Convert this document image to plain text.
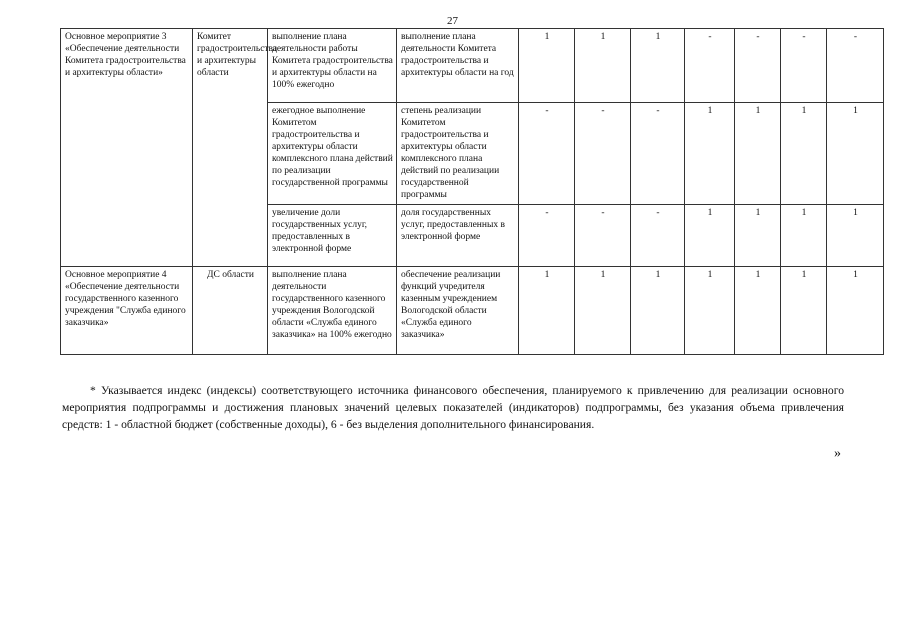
27
Основное мероприятие 3 «Обеспечение деятельности Комитета градостроительства и архитектуры области»	Комитет градостроительства и архитектуры области	выполнение плана деятельности работы Комитета градостроительства и архитектуры области на 100% ежегодно	выполнение плана деятельности Комитета градостроительства и архитектуры области на год	1	1	1	-	-	-	-
		ежегодное выполнение Комитетом градостроительства и архитектуры области комплексного плана действий по реализации государственной программы	степень реализации Комитетом градостроительства и архитектуры области комплексного плана действий по реализации государственной программы	-	-	-	1	1	1	1
		увеличение доли государственных услуг, предоставленных в электронной форме	доля государственных услуг, предоставленных в электронной форме	-	-	-	1	1	1	1
Основное мероприятие 4 «Обеспечение деятельности государственного казенного учреждения "Служба единого заказчика»	ДС области	выполнение плана деятельности государственного казенного учреждения Вологодской области «Служба единого заказчика» на 100% ежегодно	обеспечение реализации функций учредителя казенным учреждением Вологодской области «Служба единого заказчика»	1	1	1	1	1	1	1

* Указывается индекс (индексы) соответствующего источника финансового обеспечения, планируемого к привлечению для реализации основного мероприятия подпрограммы и достижения плановых значений целевых показателей (индикаторов) подпрограммы, без указания объема привлечения средств: 1 - областной бюджет (собственные доходы), 6 - без выделения дополнительного финансирования.

»
